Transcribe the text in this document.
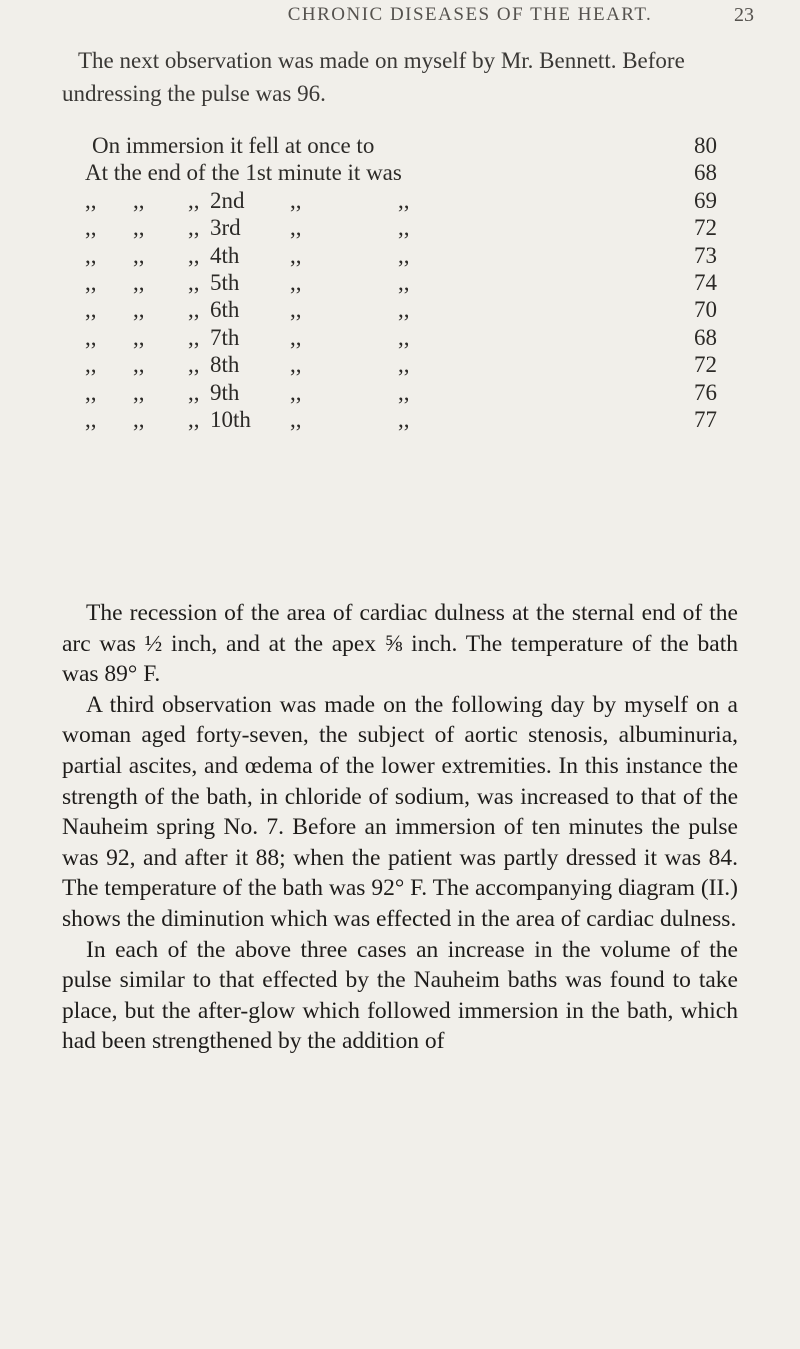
CHRONIC DISEASES OF THE HEART.	23

The next observation was made on myself by Mr. Bennett. Before undressing the pulse was 96.

On immersion it fell at once to	80
At the end of the 1st minute it was	68
,, ,, ,, 2nd ,,	,,	69
,, ,, ,, 3rd ,,	,,	72
,, ,, ,, 4th ,,	,,	73
,, ,, ,, 5th ,,	,,	74
,, ,, ,, 6th ,,	,,	70
,, ,, ,, 7th ,,	,,	68
,, ,, ,, 8th ,,	,,	72
,, ,, ,, 9th ,,	,,	76
,, ,, ,, 10th ,,	,,	77

The recession of the area of cardiac dulness at the sternal end of the arc was ½ inch, and at the apex ⅝ inch. The temperature of the bath was 89° F.

A third observation was made on the following day by myself on a woman aged forty-seven, the subject of aortic stenosis, albuminuria, partial ascites, and œdema of the lower extremities. In this instance the strength of the bath, in chloride of sodium, was increased to that of the Nauheim spring No. 7. Before an immersion of ten minutes the pulse was 92, and after it 88; when the patient was partly dressed it was 84. The temperature of the bath was 92° F. The accompanying diagram (II.) shows the diminution which was effected in the area of cardiac dulness.

In each of the above three cases an increase in the volume of the pulse similar to that effected by the Nauheim baths was found to take place, but the after-glow which followed immersion in the bath, which had been strengthened by the addition of
